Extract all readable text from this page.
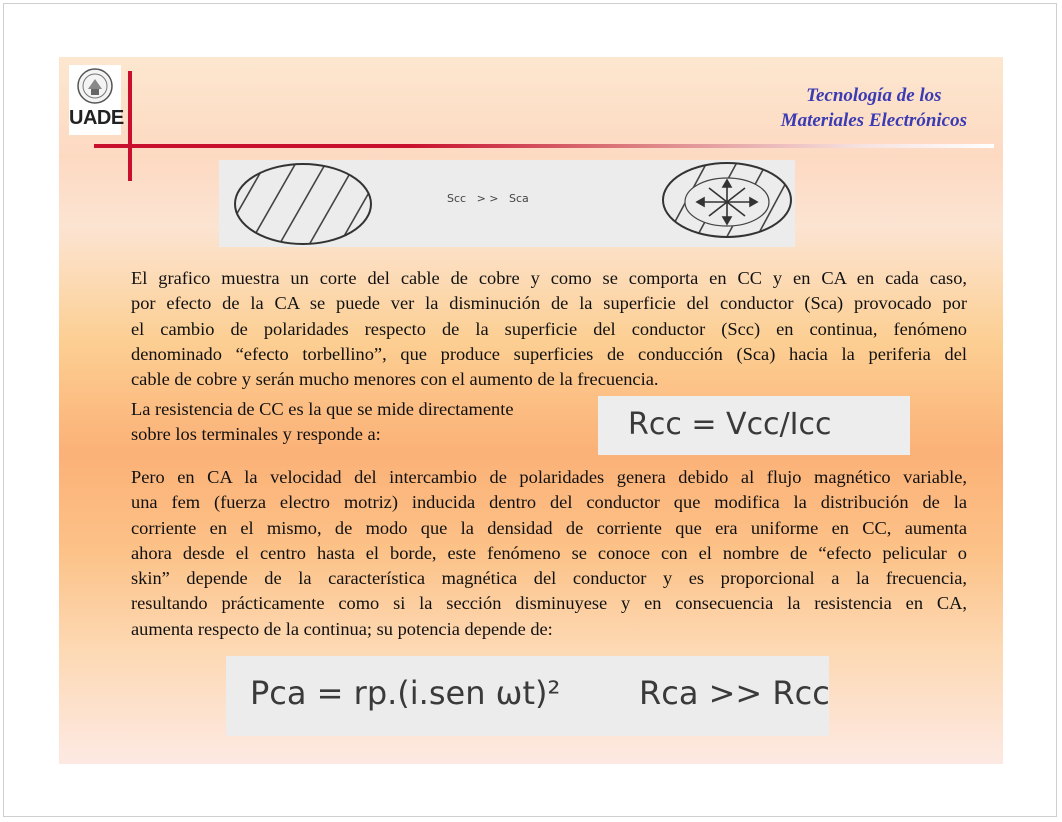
UADE
Tecnología de los
Materiales Electrónicos
Scc   > >   Sca
El grafico muestra un corte del cable de cobre y como se comporta en CC y en CA en cada caso,
por efecto de la CA se puede ver la disminución de la superficie del conductor (Sca) provocado por
el cambio de polaridades respecto de la superficie del conductor (Scc) en continua, fenómeno
denominado “efecto torbellino”, que produce superficies de conducción (Sca) hacia la periferia del
cable de cobre y serán mucho menores con el aumento de la frecuencia.
La resistencia de CC es la que se mide directamente
sobre los terminales y responde a:	Rcc = Vcc/Icc
Pero en CA la velocidad del intercambio de polaridades genera debido al flujo magnético variable,
una fem (fuerza electro motriz) inducida dentro del conductor que modifica la distribución de la
corriente en el mismo, de modo que la densidad de corriente que era uniforme en CC, aumenta
ahora desde el centro hasta el borde, este fenómeno se conoce con el nombre de “efecto pelicular o
skin” depende de la característica magnética del conductor y es proporcional a la frecuencia,
resultando prácticamente como si la sección disminuyese y en consecuencia la resistencia en CA,
aumenta respecto de la continua; su potencia depende de:
Pca = rp.(i.sen ωt)² Rca >> Rcc
